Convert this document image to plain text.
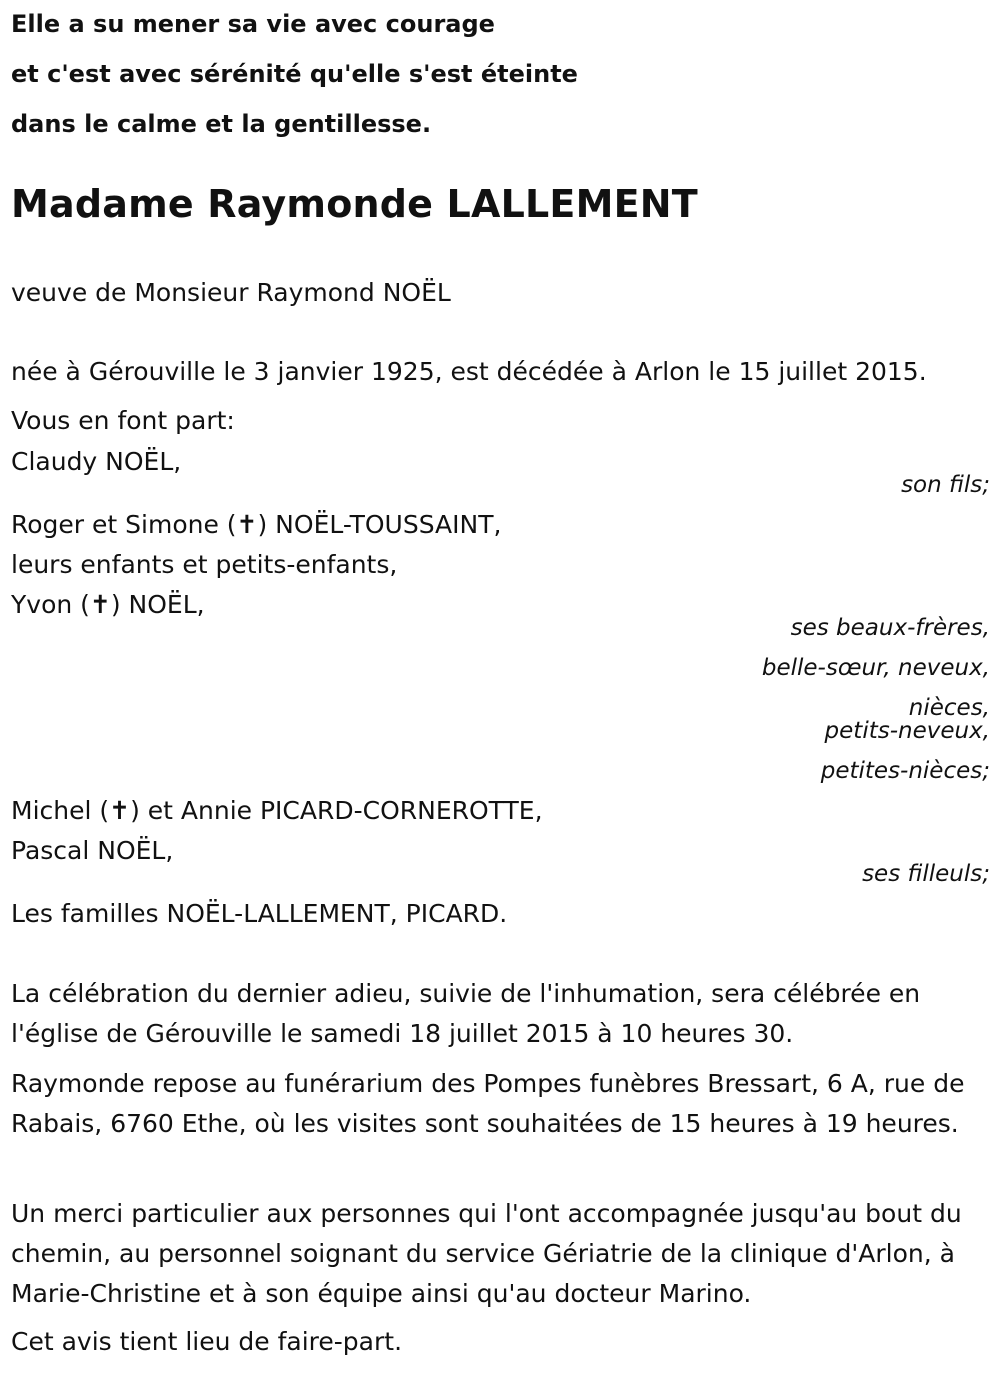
Elle a su mener sa vie avec courage
et c'est avec sérénité qu'elle s'est éteinte
dans le calme et la gentillesse.
Madame Raymonde LALLEMENT
veuve de Monsieur Raymond NOËL
née à Gérouville le 3 janvier 1925, est décédée à Arlon le 15 juillet 2015.
Vous en font part:
Claudy NOËL,
son fils;
Roger et Simone (✝) NOËL-TOUSSAINT,
leurs enfants et petits-enfants,
Yvon (✝) NOËL,
ses beaux-frères,
belle-sœur, neveux,
nièces,
petits-neveux,
petites-nièces;
Michel (✝) et Annie PICARD-CORNEROTTE,
Pascal NOËL,
ses filleuls;
Les familles NOËL-LALLEMENT, PICARD.
La célébration du dernier adieu, suivie de l'inhumation, sera célébrée en l'église de Gérouville le samedi 18 juillet 2015 à 10 heures 30.
Raymonde repose au funérarium des Pompes funèbres Bressart, 6 A, rue de Rabais, 6760 Ethe, où les visites sont souhaitées de 15 heures à 19 heures.
Un merci particulier aux personnes qui l'ont accompagnée jusqu'au bout du chemin, au personnel soignant du service Gériatrie de la clinique d'Arlon, à Marie-Christine et à son équipe ainsi qu'au docteur Marino.
Cet avis tient lieu de faire-part.
